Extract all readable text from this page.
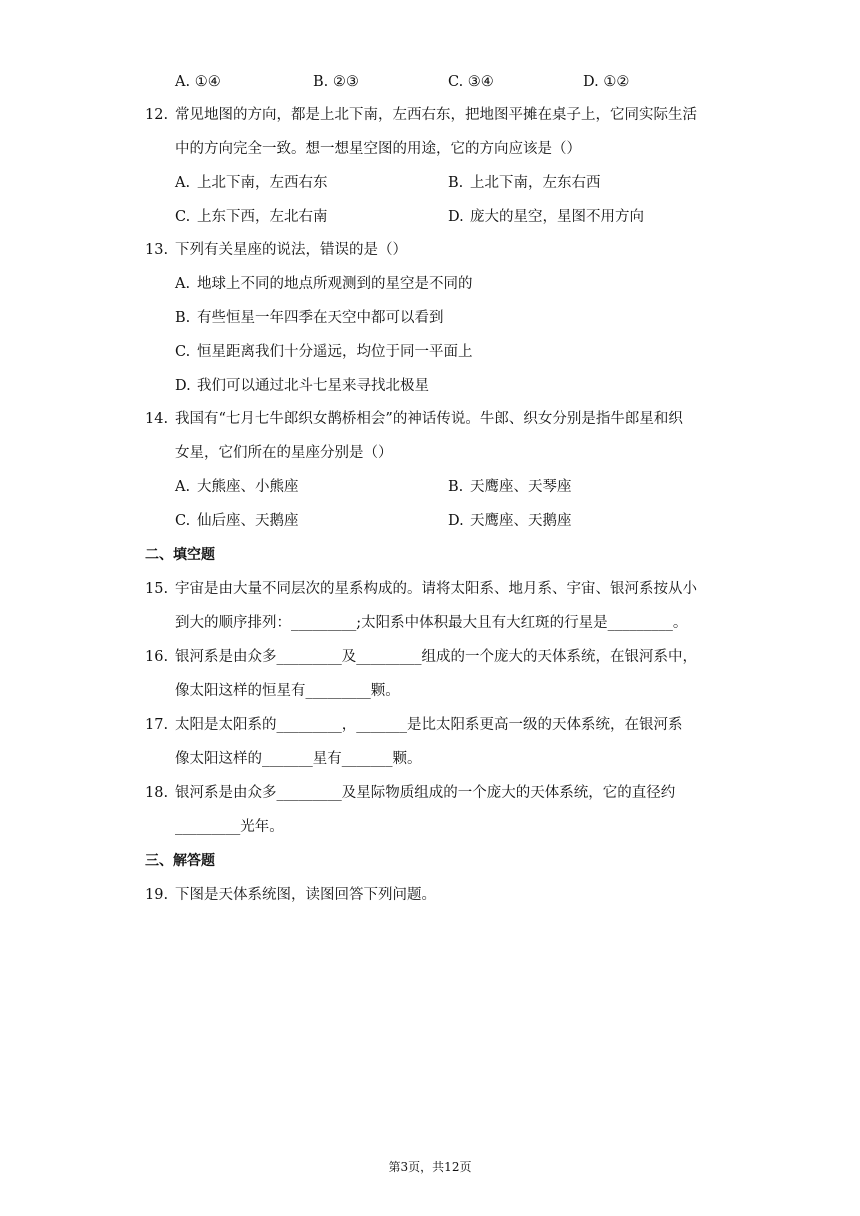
A. ①④	B. ②③	C. ③④	D. ①②
12. 常见地图的方向，都是上北下南，左西右东，把地图平摊在桌子上，它同实际生活
中的方向完全一致。想一想星空图的用途，它的方向应该是（）
A. 上北下南，左西右东	B. 上北下南，左东右西
C. 上东下西，左北右南	D. 庞大的星空，星图不用方向
13. 下列有关星座的说法，错误的是（）
A. 地球上不同的地点所观测到的星空是不同的
B. 有些恒星一年四季在天空中都可以看到
C. 恒星距离我们十分遥远，均位于同一平面上
D. 我们可以通过北斗七星来寻找北极星
14. 我国有“七月七牛郎织女鹊桥相会”的神话传说。牛郎、织女分别是指牛郎星和织
女星，它们所在的星座分别是（）
A. 大熊座、小熊座	B. 天鹰座、天琴座
C. 仙后座、天鹅座	D. 天鹰座、天鹅座
二、填空题
15. 宇宙是由大量不同层次的星系构成的。请将太阳系、地月系、宇宙、银河系按从小
到大的顺序排列：_________;太阳系中体积最大且有大红斑的行星是_________。
16. 银河系是由众多_________及_________组成的一个庞大的天体系统，在银河系中，
像太阳这样的恒星有_________颗。
17. 太阳是太阳系的_________，_______是比太阳系更高一级的天体系统，在银河系
像太阳这样的_______星有_______颗。
18. 银河系是由众多_________及星际物质组成的一个庞大的天体系统，它的直径约
_________光年。
三、解答题
19. 下图是天体系统图，读图回答下列问题。
第3页，共12页
